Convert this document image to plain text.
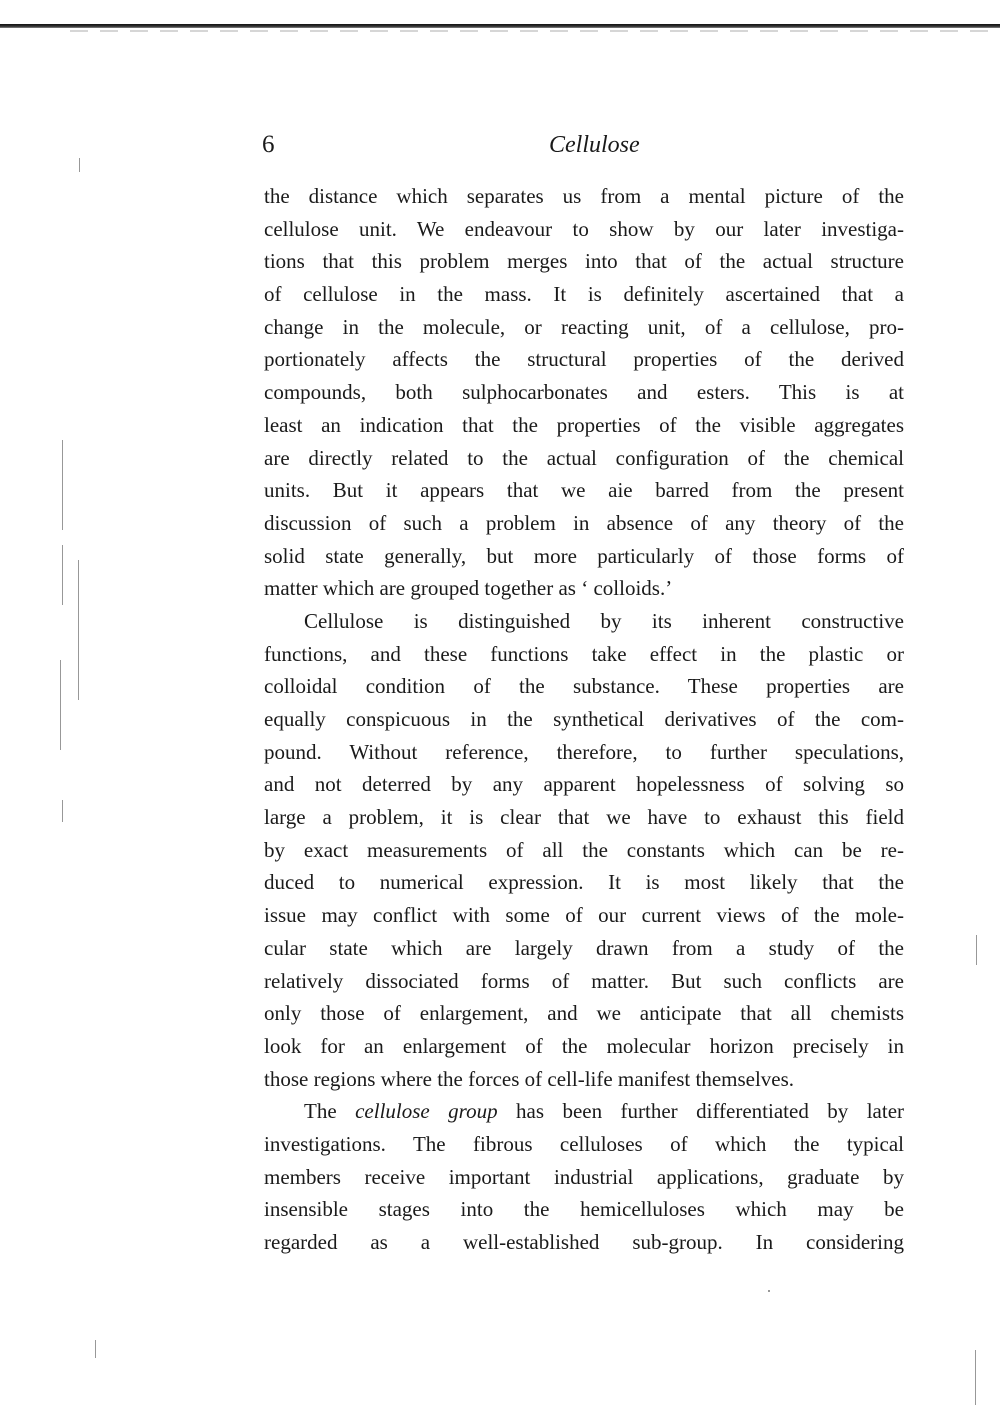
6	Cellulose
the distance which separates us from a mental picture of the
cellulose unit. We endeavour to show by our later investiga-
tions that this problem merges into that of the actual structure
of cellulose in the mass. It is definitely ascertained that a
change in the molecule, or reacting unit, of a cellulose, pro-
portionately affects the structural properties of the derived
compounds, both sulphocarbonates and esters. This is at
least an indication that the properties of the visible aggregates
are directly related to the actual configuration of the chemical
units. But it appears that we aie barred from the present
discussion of such a problem in absence of any theory of the
solid state generally, but more particularly of those forms of
matter which are grouped together as ‘ colloids.’
Cellulose is distinguished by its inherent constructive
functions, and these functions take effect in the plastic or
colloidal condition of the substance. These properties are
equally conspicuous in the synthetical derivatives of the com-
pound. Without reference, therefore, to further speculations,
and not deterred by any apparent hopelessness of solving so
large a problem, it is clear that we have to exhaust this field
by exact measurements of all the constants which can be re-
duced to numerical expression. It is most likely that the
issue may conflict with some of our current views of the mole-
cular state which are largely drawn from a study of the
relatively dissociated forms of matter. But such conflicts are
only those of enlargement, and we anticipate that all chemists
look for an enlargement of the molecular horizon precisely in
those regions where the forces of cell-life manifest themselves.
The cellulose group has been further differentiated by later
investigations. The fibrous celluloses of which the typical
members receive important industrial applications, graduate by
insensible stages into the hemicelluloses which may be
regarded as a well-established sub-group. In considering
